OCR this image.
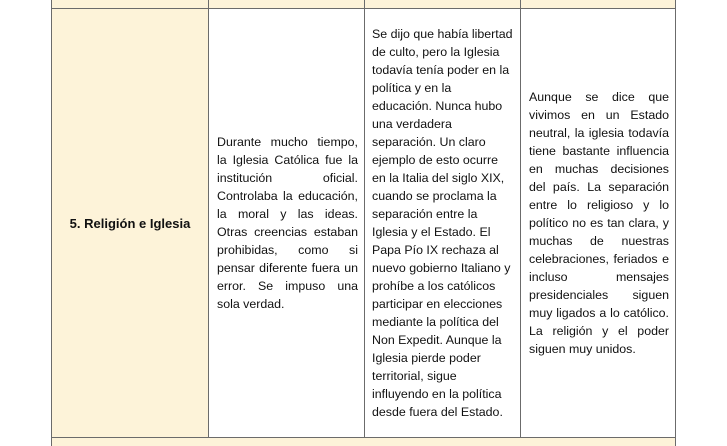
5. Religión e Iglesia
Durante mucho tiempo, la Iglesia Católica fue la institución oficial. Controlaba la educación, la moral y las ideas. Otras creencias estaban prohibidas, como si pensar diferente fuera un error. Se impuso una sola verdad.
Se dijo que había libertad de culto, pero la Iglesia todavía tenía poder en la política y en la educación. Nunca hubo una verdadera separación. Un claro ejemplo de esto ocurre en la Italia del siglo XIX, cuando se proclama la separación entre la Iglesia y el Estado. El Papa Pío IX rechaza al nuevo gobierno Italiano y prohíbe a los católicos participar en elecciones mediante la política del Non Expedit. Aunque la Iglesia pierde poder territorial, sigue influyendo en la política desde fuera del Estado.
Aunque se dice que vivimos en un Estado neutral, la iglesia todavía tiene bastante influencia en muchas decisiones del país. La separación entre lo religioso y lo político no es tan clara, y muchas de nuestras celebraciones, feriados e incluso mensajes presidenciales siguen muy ligados a lo católico. La religión y el poder siguen muy unidos.
